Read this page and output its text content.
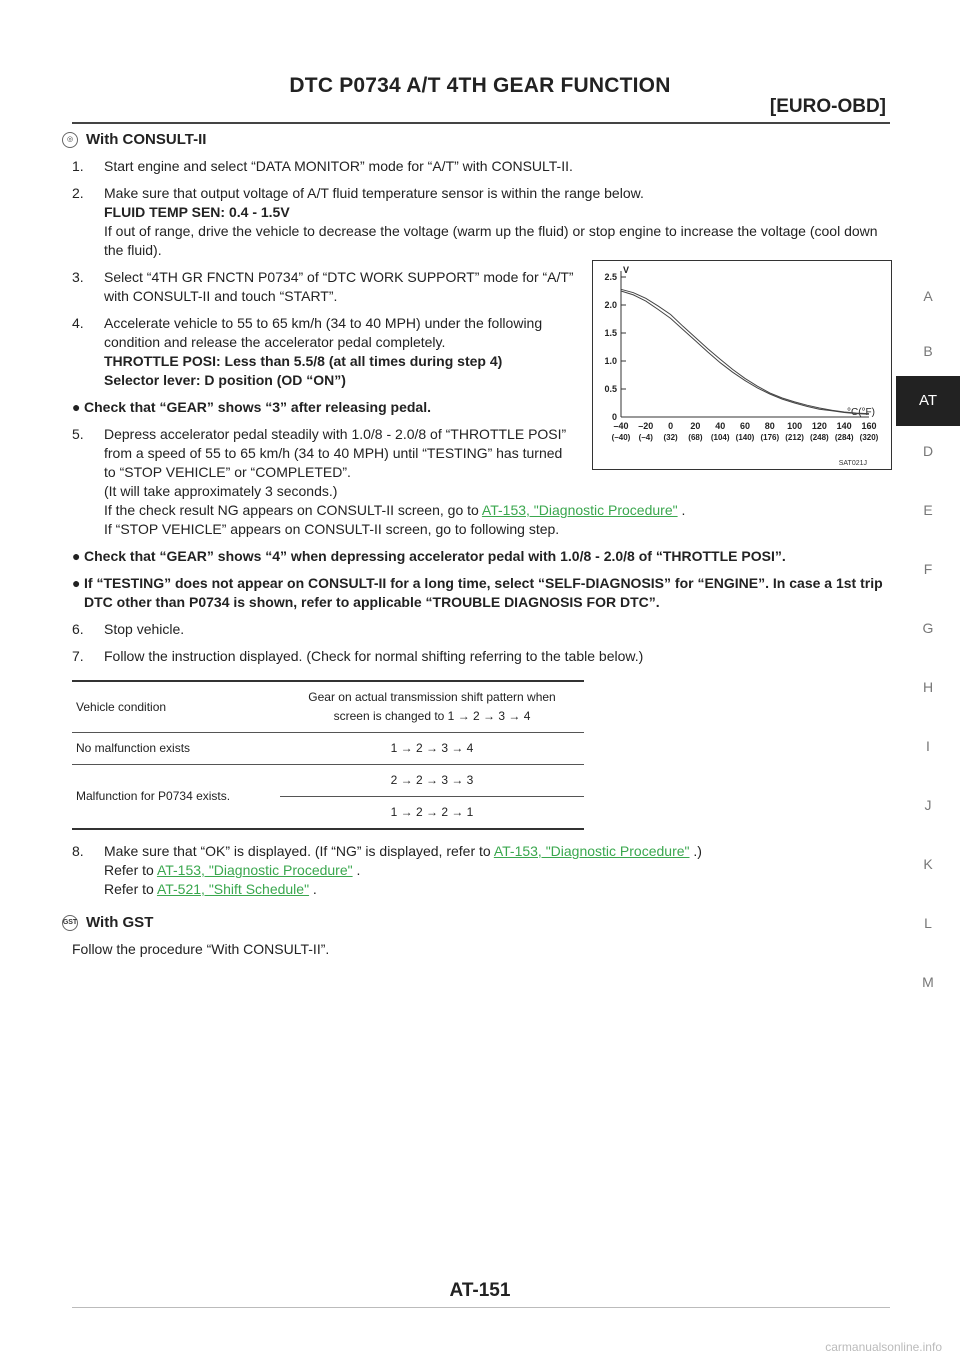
DTC P0734 A/T 4TH GEAR FUNCTION
[EURO-OBD]
A
B
AT
D
E
F
G
H
I
J
K
L
M
◎ With CONSULT-II
1.	Start engine and select “DATA MONITOR” mode for “A/T” with CONSULT-II.
2.	Make sure that output voltage of A/T fluid temperature sensor is within the range below.
FLUID TEMP SEN: 0.4 - 1.5V
If out of range, drive the vehicle to decrease the voltage (warm up the fluid) or stop engine to increase the voltage (cool down the fluid).
3.	Select “4TH GR FNCTN P0734” of “DTC WORK SUPPORT” mode for “A/T” with CONSULT-II and touch “START”.
4.	Accelerate vehicle to 55 to 65 km/h (34 to 40 MPH) under the following condition and release the accelerator pedal completely.
THROTTLE POSI: Less than 5.5/8 (at all times during step 4)
Selector lever: D position (OD “ON”)
● Check that “GEAR” shows “3” after releasing pedal.
5.	Depress accelerator pedal steadily with 1.0/8 - 2.0/8 of “THROTTLE POSI” from a speed of 55 to 65 km/h (34 to 40 MPH) until “TESTING” has turned to “STOP VEHICLE” or “COMPLETED”.
(It will take approximately 3 seconds.)
If the check result NG appears on CONSULT-II screen, go to AT-153, "Diagnostic Procedure" .
If “STOP VEHICLE” appears on CONSULT-II screen, go to following step.
● Check that “GEAR” shows “4” when depressing accelerator pedal with 1.0/8 - 2.0/8 of “THROTTLE POSI”.
● If “TESTING” does not appear on CONSULT-II for a long time, select “SELF-DIAGNOSIS” for “ENGINE”. In case a 1st trip DTC other than P0734 is shown, refer to applicable “TROUBLE DIAGNOSIS FOR DTC”.
6.	Stop vehicle.
7.	Follow the instruction displayed. (Check for normal shifting referring to the table below.)
Vehicle condition	Gear on actual transmission shift pattern when
screen is changed to 1 → 2 → 3 → 4

No malfunction exists	1 → 2 → 3 → 4
Malfunction for P0734 exists.	2 → 2 → 3 → 3
	1 → 2 → 2 → 1
8.	Make sure that “OK” is displayed. (If “NG” is displayed, refer to AT-153, "Diagnostic Procedure" .)
Refer to AT-153, "Diagnostic Procedure" .
Refer to AT-521, "Shift Schedule" .
GST With GST
Follow the procedure “With CONSULT-II”.
2.5
2.0
1.5
1.0
0.5
0
V
–40
(–40)
–20
(–4)
0
(32)
20
(68)
40
(104)
60
(140)
80
(176)
100
(212)
120
(248)
140
(284)
160
(320)
°C(°F)
SAT021J
AT-151
carmanualsonline.info
